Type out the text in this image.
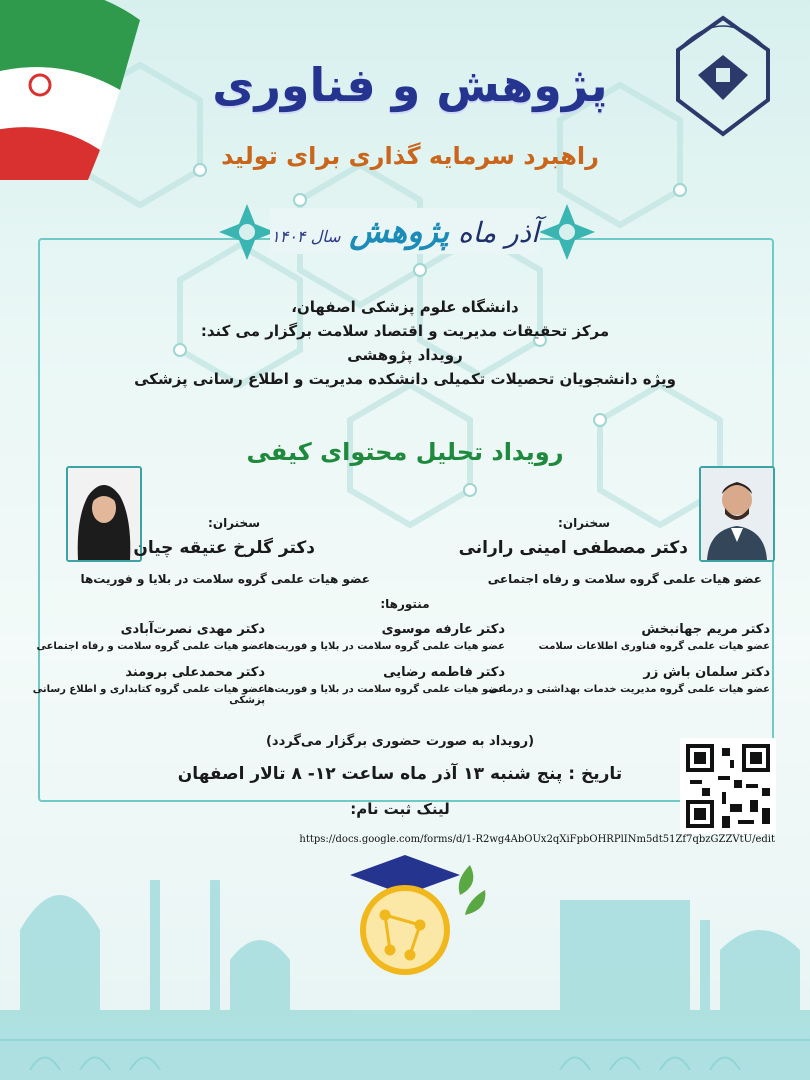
پژوهش و فناوری
راهبرد سرمایه گذاری برای تولید
آذر ماه پژوهش سال ۱۴۰۴
دانشگاه علوم پزشکی اصفهان،
مرکز تحقیقات مدیریت و اقتصاد سلامت برگزار می کند:
رویداد پژوهشی
ویژه دانشجویان تحصیلات تکمیلی دانشکده مدیریت و اطلاع رسانی پزشکی
رویداد تحلیل محتوای کیفی
سخنران:
دکتر مصطفی امینی رارانی
عضو هیات علمی گروه سلامت و رفاه اجتماعی
سخنران:
دکتر گلرخ عتیقه چیان
عضو هیات علمی گروه سلامت در بلایا و فوریت‌ها
منتورها:
دکتر مریم جهانبخش
عضو هیات علمی گروه فناوری اطلاعات سلامت
دکتر عارفه موسوی
عضو هیات علمی گروه سلامت در بلایا و فوریت‌ها
دکتر مهدی نصرت‌آبادی
عضو هیات علمی گروه سلامت و رفاه اجتماعی
دکتر سلمان باش زر
عضو هیات علمی گروه مدیریت خدمات بهداشتی و درمانی
دکتر فاطمه رضایی
عضو هیات علمی گروه سلامت در بلایا و فوریت‌ها
دکتر محمدعلی برومند
عضو هیات علمی گروه کتابداری و اطلاع رسانی پزشکی
(رویداد به صورت حضوری برگزار می‌گردد)
تاریخ : پنج شنبه ۱۳ آذر ماه ساعت ۱۲- ۸ تالار اصفهان
لینک ثبت نام:
https://docs.google.com/forms/d/1-R2wg4AbOUx2qXiFpbOHRPlINm5dt51Zf7qbzGZZVtU/edit
